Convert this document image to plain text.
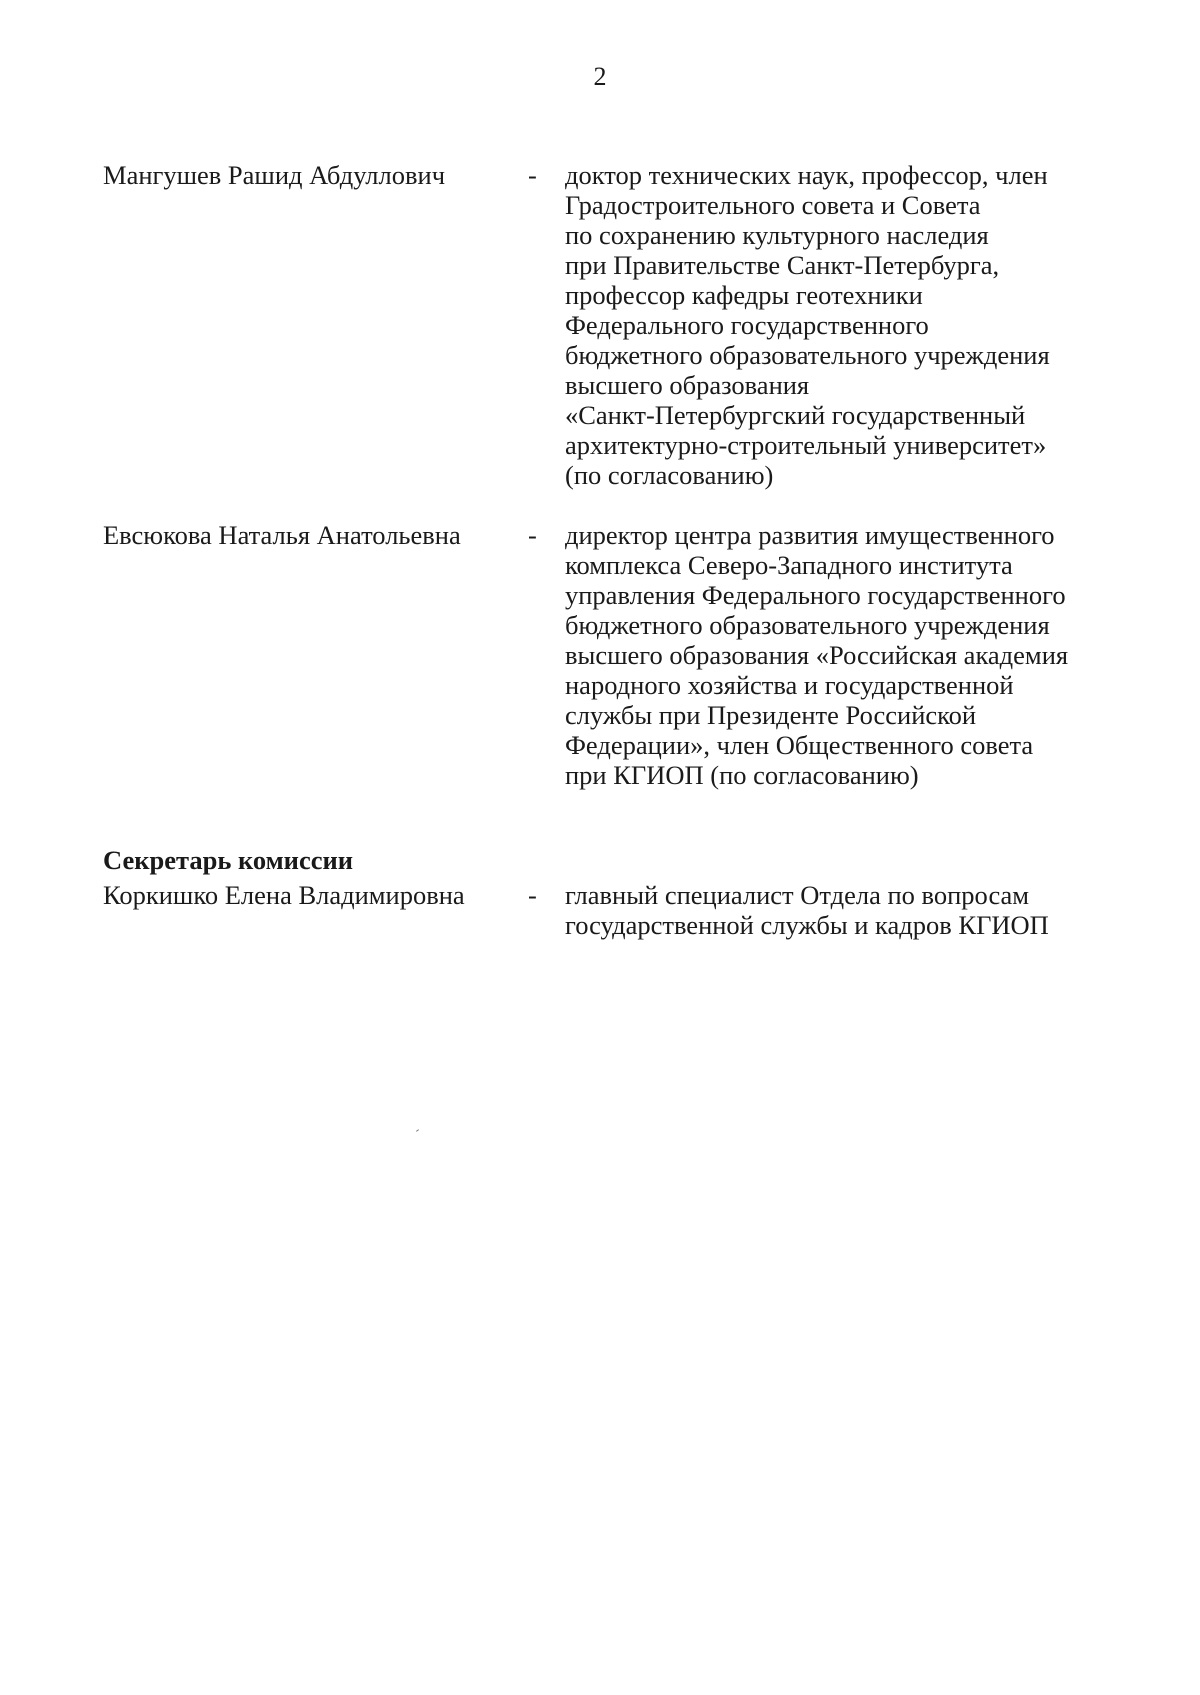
2
Мангушев Рашид Абдуллович	- доктор технических наук, профессор, член
Градостроительного совета и Совета
по сохранению культурного наследия
при Правительстве Санкт-Петербурга,
профессор кафедры геотехники
Федерального государственного
бюджетного образовательного учреждения
высшего образования
«Санкт-Петербургский государственный
архитектурно-строительный университет»
(по согласованию)
Евсюкова Наталья Анатольевна	- директор центра развития имущественного
комплекса Северо-Западного института
управления Федерального государственного
бюджетного образовательного учреждения
высшего образования «Российская академия
народного хозяйства и государственной
службы при Президенте Российской
Федерации», член Общественного совета
при КГИОП (по согласованию)
Секретарь комиссии
Коркишко Елена Владимировна - главный специалист Отдела по вопросам
государственной службы и кадров КГИОП
